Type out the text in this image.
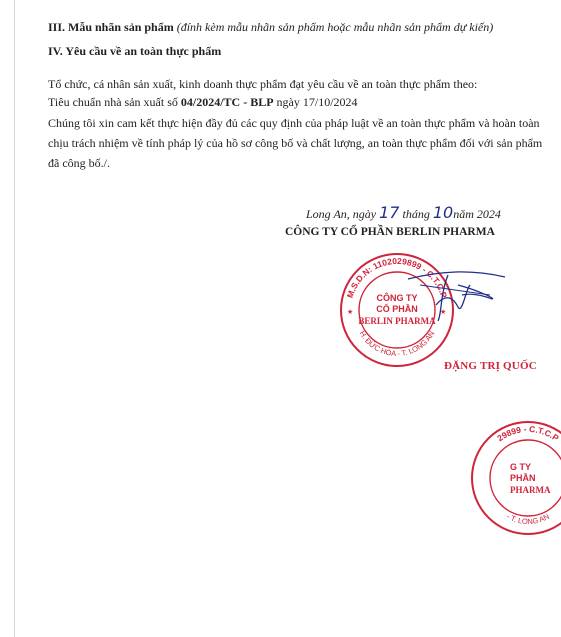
III. Mẫu nhãn sản phẩm (đính kèm mẫu nhãn sản phẩm hoặc mẫu nhãn sản phẩm dự kiến)
IV. Yêu cầu về an toàn thực phẩm
Tổ chức, cá nhân sản xuất, kinh doanh thực phẩm đạt yêu cầu về an toàn thực phẩm theo:
Tiêu chuẩn nhà sản xuất số 04/2024/TC - BLP ngày 17/10/2024
Chúng tôi xin cam kết thực hiện đầy đủ các quy định của pháp luật về an toàn thực phẩm và hoàn toàn chịu trách nhiệm về tính pháp lý của hồ sơ công bố và chất lượng, an toàn thực phẩm đối với sản phẩm đã công bố./.
Long An, ngày 17 tháng 10năm 2024
CÔNG TY CỔ PHẦN BERLIN PHARMA
M.S.D.N: 1102029899 - C.T.C.P
H. ĐỨC HÒA - T. LONG AN
CÔNG TY
CỔ PHẦN
BERLIN PHARMA
★	★
ĐẶNG TRỊ QUỐC
29899 - C.T.C.P
- T. LONG AN
G TY
PHẦN
PHARMA
